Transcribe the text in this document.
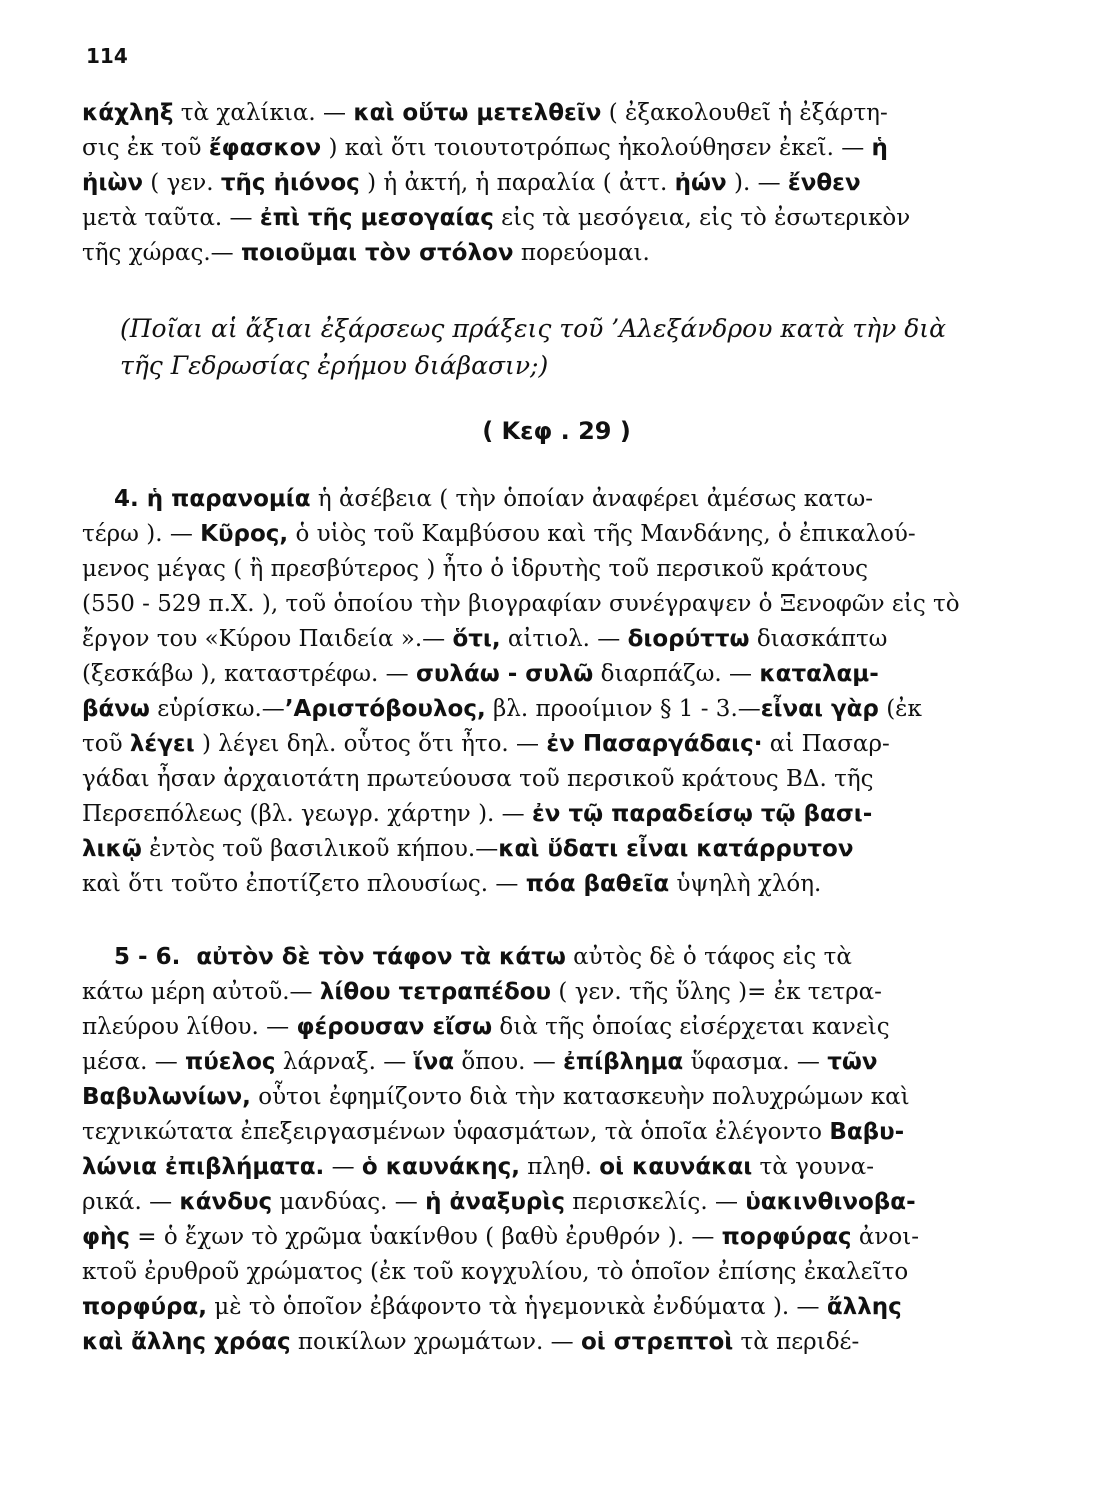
114
κάχληξ τὰ χαλίκια. — καὶ οὕτω μετελθεῖν ( ἐξακολουθεῖ ἡ ἐξάρτη-
σις ἐκ τοῦ ἔφασκον ) καὶ ὅτι τοιουτοτρόπως ἠκολούθησεν ἐκεῖ. — ἡ
ἠιὼν ( γεν. τῆς ἠιόνος ) ἡ ἀκτή, ἡ παραλία ( ἀττ. ἠών ). — ἔνθεν
μετὰ ταῦτα. — ἐπὶ τῆς μεσογαίας εἰς τὰ μεσόγεια, εἰς τὸ ἐσωτερικὸν
τῆς χώρας.— ποιοῦμαι τὸν στόλον πορεύομαι.
(Ποῖαι αἱ ἄξιαι ἐξάρσεως πράξεις τοῦ ’Αλεξάνδρου κατὰ τὴν διὰ
τῆς Γεδρωσίας ἐρήμου διάβασιν;)
( Κεφ . 29 )
4. ἡ παρανομία ἡ ἀσέβεια ( τὴν ὁποίαν ἀναφέρει ἀμέσως κατω-
τέρω ). — Κῦρος, ὁ υἱὸς τοῦ Καμβύσου καὶ τῆς Μανδάνης, ὁ ἐπικαλού-
μενος μέγας ( ἢ πρεσβύτερος ) ἦτο ὁ ἱδρυτὴς τοῦ περσικοῦ κράτους
(550 - 529 π.Χ. ), τοῦ ὁποίου τὴν βιογραφίαν συνέγραψεν ὁ Ξενοφῶν εἰς τὸ
ἔργον του «Κύρου Παιδεία ».— ὅτι, αἰτιολ. — διορύττω διασκάπτω
(ξεσκάβω ), καταστρέφω. — συλάω - συλῶ διαρπάζω. — καταλαμ-
βάνω εὑρίσκω.—’Αριστόβουλος, βλ. προοίμιον § 1 - 3.—εἶναι γὰρ (ἐκ
τοῦ λέγει ) λέγει δηλ. οὗτος ὅτι ἦτο. — ἐν Πασαργάδαις· αἱ Πασαρ-
γάδαι ἦσαν ἀρχαιοτάτη πρωτεύουσα τοῦ περσικοῦ κράτους ΒΔ. τῆς
Περσεπόλεως (βλ. γεωγρ. χάρτην ). — ἐν τῷ παραδείσῳ τῷ βασι-
λικῷ ἐντὸς τοῦ βασιλικοῦ κήπου.—καὶ ὕδατι εἶναι κατάρρυτον
καὶ ὅτι τοῦτο ἐποτίζετο πλουσίως. — πόα βαθεῖα ὑψηλὴ χλόη.
5 - 6.  αὐτὸν δὲ τὸν τάφον τὰ κάτω αὐτὸς δὲ ὁ τάφος εἰς τὰ
κάτω μέρη αὐτοῦ.— λίθου τετραπέδου ( γεν. τῆς ὕλης )= ἐκ τετρα-
πλεύρου λίθου. — φέρουσαν εἴσω διὰ τῆς ὁποίας εἰσέρχεται κανεὶς
μέσα. — πύελος λάρναξ. — ἵνα ὅπου. — ἐπίβλημα ὕφασμα. — τῶν
Βαβυλωνίων, οὗτοι ἐφημίζοντο διὰ τὴν κατασκευὴν πολυχρώμων καὶ
τεχνικώτατα ἐπεξειργασμένων ὑφασμάτων, τὰ ὁποῖα ἐλέγοντο Βαβυ-
λώνια ἐπιβλήματα. — ὁ καυνάκης, πληθ. οἱ καυνάκαι τὰ γουνα-
ρικά. — κάνδυς μανδύας. — ἡ ἀναξυρὶς περισκελίς. — ὑακινθινοβα-
φὴς = ὁ ἔχων τὸ χρῶμα ὑακίνθου ( βαθὺ ἐρυθρόν ). — πορφύρας ἀνοι-
κτοῦ ἐρυθροῦ χρώματος (ἐκ τοῦ κογχυλίου, τὸ ὁποῖον ἐπίσης ἐκαλεῖτο
πορφύρα, μὲ τὸ ὁποῖον ἐβάφοντο τὰ ἡγεμονικὰ ἐνδύματα ). — ἄλλης
καὶ ἄλλης χρόας ποικίλων χρωμάτων. — οἱ στρεπτοὶ τὰ περιδέ-
